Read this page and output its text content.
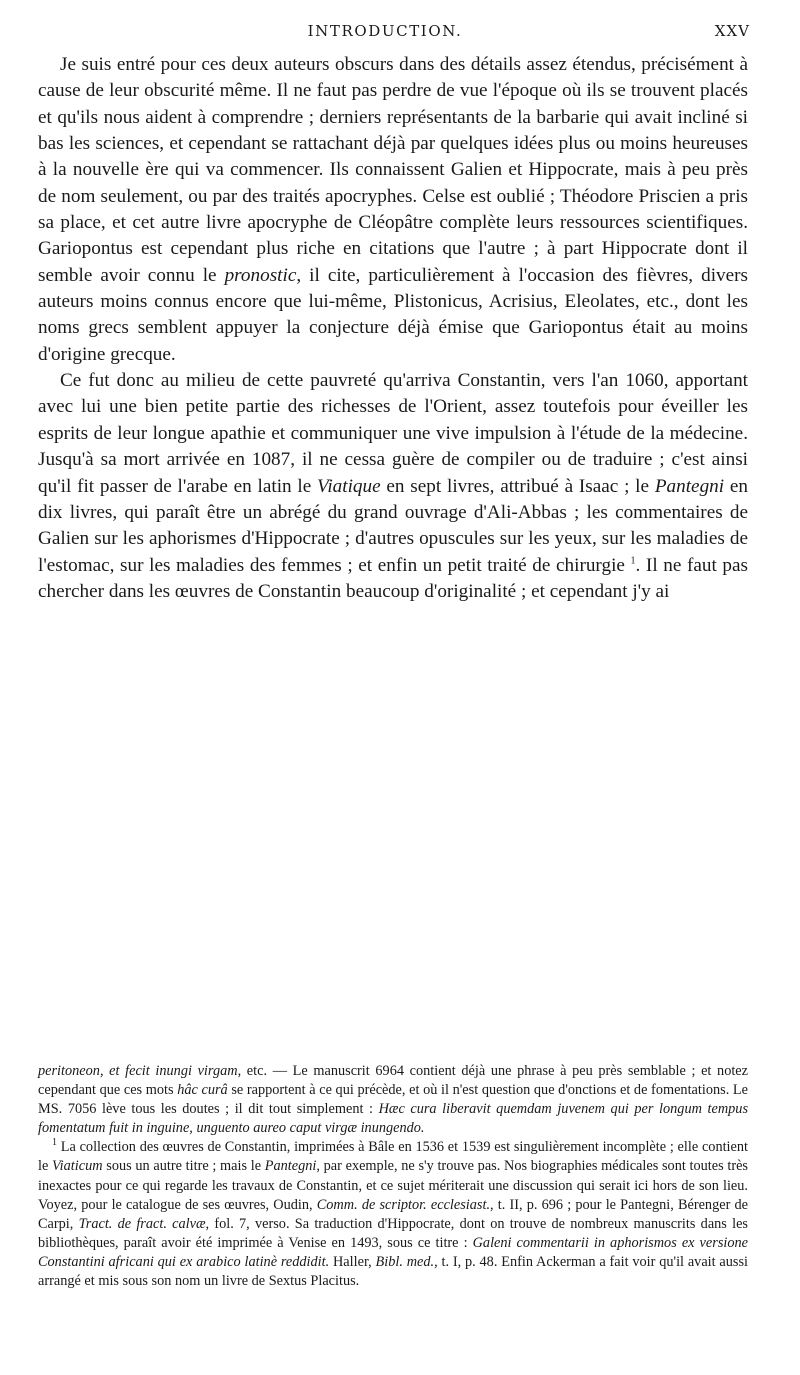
INTRODUCTION.	XXV

Je suis entré pour ces deux auteurs obscurs dans des détails assez étendus, précisément à cause de leur obscurité même. Il ne faut pas perdre de vue l'époque où ils se trouvent placés et qu'ils nous aident à comprendre ; derniers représentants de la barbarie qui avait incliné si bas les sciences, et cependant se rattachant déjà par quelques idées plus ou moins heureuses à la nouvelle ère qui va commencer. Ils connaissent Galien et Hippocrate, mais à peu près de nom seulement, ou par des traités apocryphes. Celse est oublié ; Théodore Priscien a pris sa place, et cet autre livre apocryphe de Cléopâtre complète leurs ressources scientifiques. Gariopontus est cependant plus riche en citations que l'autre ; à part Hippocrate dont il semble avoir connu le pronostic, il cite, particulièrement à l'occasion des fièvres, divers auteurs moins connus encore que lui-même, Plistonicus, Acrisius, Eleolates, etc., dont les noms grecs semblent appuyer la conjecture déjà émise que Gariopontus était au moins d'origine grecque.

Ce fut donc au milieu de cette pauvreté qu'arriva Constantin, vers l'an 1060, apportant avec lui une bien petite partie des richesses de l'Orient, assez toutefois pour éveiller les esprits de leur longue apathie et communiquer une vive impulsion à l'étude de la médecine. Jusqu'à sa mort arrivée en 1087, il ne cessa guère de compiler ou de traduire ; c'est ainsi qu'il fit passer de l'arabe en latin le Viatique en sept livres, attribué à Isaac ; le Pantegni en dix livres, qui paraît être un abrégé du grand ouvrage d'Ali-Abbas ; les commentaires de Galien sur les aphorismes d'Hippocrate ; d'autres opuscules sur les yeux, sur les maladies de l'estomac, sur les maladies des femmes ; et enfin un petit traité de chirurgie $^1$. Il ne faut pas chercher dans les œuvres de Constantin beaucoup d'originalité ; et cependant j'y ai

peritoneon, et fecit inungi virgam, etc. — Le manuscrit 6964 contient déjà une phrase à peu près semblable ; et notez cependant que ces mots hâc curâ se rapportent à ce qui précède, et où il n'est question que d'onctions et de fomentations. Le MS. 7056 lève tous les doutes ; il dit tout simplement : Hæc cura liberavit quemdam juvenem qui per longum tempus fomentatum fuit in inguine, unguento aureo caput virgæ inungendo.

$^1$ La collection des œuvres de Constantin, imprimées à Bâle en 1536 et 1539 est singulièrement incomplète ; elle contient le Viaticum sous un autre titre ; mais le Pantegni, par exemple, ne s'y trouve pas. Nos biographies médicales sont toutes très inexactes pour ce qui regarde les travaux de Constantin, et ce sujet mériterait une discussion qui serait ici hors de son lieu. Voyez, pour le catalogue de ses œuvres, Oudin, Comm. de scriptor. ecclesiast., t. II, p. 696 ; pour le Pantegni, Bérenger de Carpi, Tract. de fract. calvæ, fol. 7, verso. Sa traduction d'Hippocrate, dont on trouve de nombreux manuscrits dans les bibliothèques, paraît avoir été imprimée à Venise en 1493, sous ce titre : Galeni commentarii in aphorismos ex versione Constantini africani qui ex arabico latinè reddidit. Haller, Bibl. med., t. I, p. 48. Enfin Ackerman a fait voir qu'il avait aussi arrangé et mis sous son nom un livre de Sextus Placitus.
